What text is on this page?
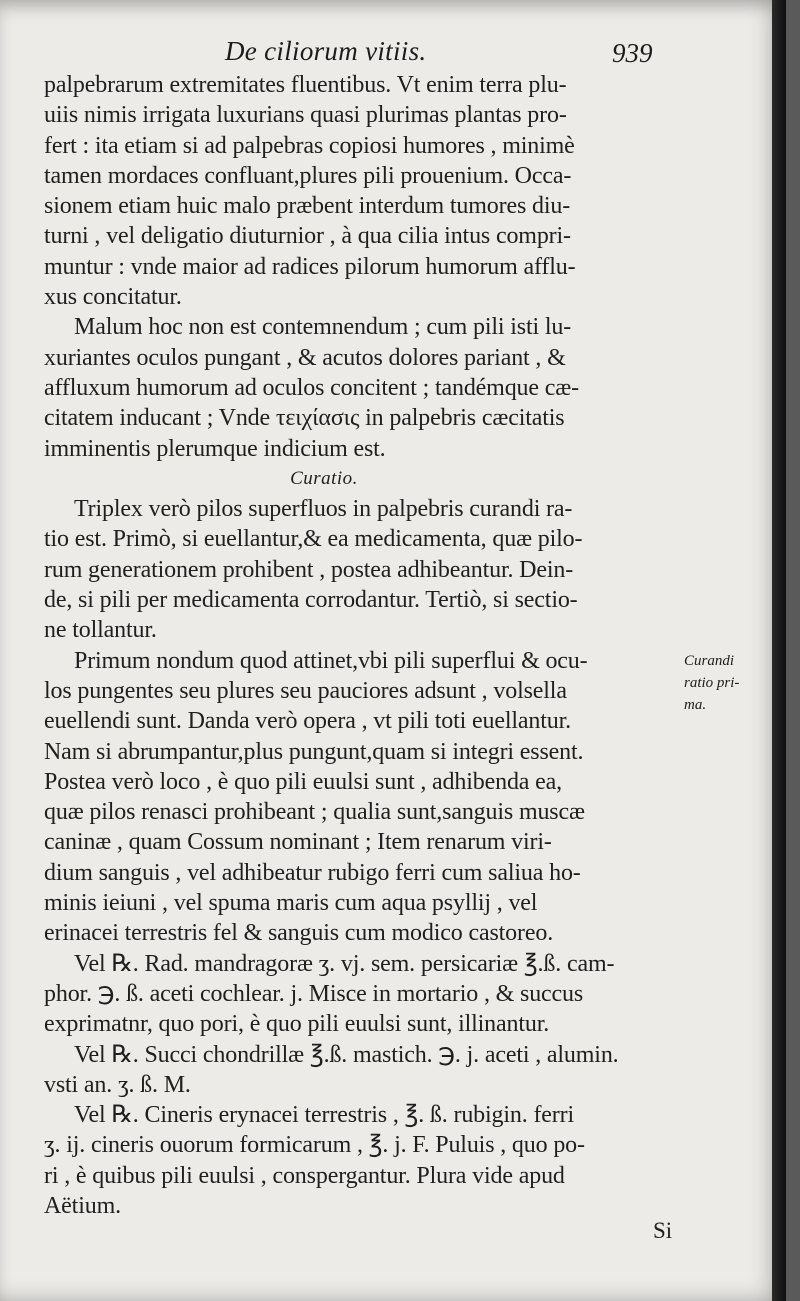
De ciliorum vitiis.	939
palpebrarum extremitates fluentibus. Vt enim terra plu-
uiis nimis irrigata luxurians quasi plurimas plantas pro-
fert : ita etiam si ad palpebras copiosi humores , minimè
tamen mordaces confluant,plures pili prouenium. Occa-
sionem etiam huic malo præbent interdum tumores diu-
turni , vel deligatio diuturnior , à qua cilia intus compri-
muntur : vnde maior ad radices pilorum humorum afflu-
xus concitatur.
Malum hoc non est contemnendum ; cum pili isti lu-
xuriantes oculos pungant , & acutos dolores pariant , &
affluxum humorum ad oculos concitent ; tandémque cæ-
citatem inducant ; Vnde τειχίασις in palpebris cæcitatis
imminentis plerumque indicium est.
Curatio.
Triplex verò pilos superfluos in palpebris curandi ra-
tio est. Primò, si euellantur,& ea medicamenta, quæ pilo-
rum generationem prohibent , postea adhibeantur. Dein-
de, si pili per medicamenta corrodantur. Tertiò, si sectio-
ne tollantur.
Primum nondum quod attinet,vbi pili superflui & ocu-
los pungentes seu plures seu pauciores adsunt , volsella
euellendi sunt. Danda verò opera , vt pili toti euellantur.
Nam si abrumpantur,plus pungunt,quam si integri essent.
Postea verò loco , è quo pili euulsi sunt , adhibenda ea,
quæ pilos renasci prohibeant ; qualia sunt,sanguis muscæ
caninæ , quam Cossum nominant ; Item renarum viri-
dium sanguis , vel adhibeatur rubigo ferri cum saliua ho-
minis ieiuni , vel spuma maris cum aqua psyllij , vel
erinacei terrestris fel & sanguis cum modico castoreo.
Vel ℞. Rad. mandragoræ ʒ. vj. sem. persicariæ ℥.ß. cam-
phor. ℈. ß. aceti cochlear. j. Misce in mortario , & succus
exprimatnr, quo pori, è quo pili euulsi sunt, illinantur.
Vel ℞. Succi chondrillæ ℥.ß. mastich. ℈. j. aceti , alumin.
vsti an. ʒ. ß. M.
Vel ℞. Cineris erynacei terrestris , ℥. ß. rubigin. ferri
ʒ. ij. cineris ouorum formicarum , ℥. j. F. Puluis , quo po-
ri , è quibus pili euulsi , conspergantur. Plura vide apud
Aëtium.
Curandi
ratio pri-
ma.
Si
